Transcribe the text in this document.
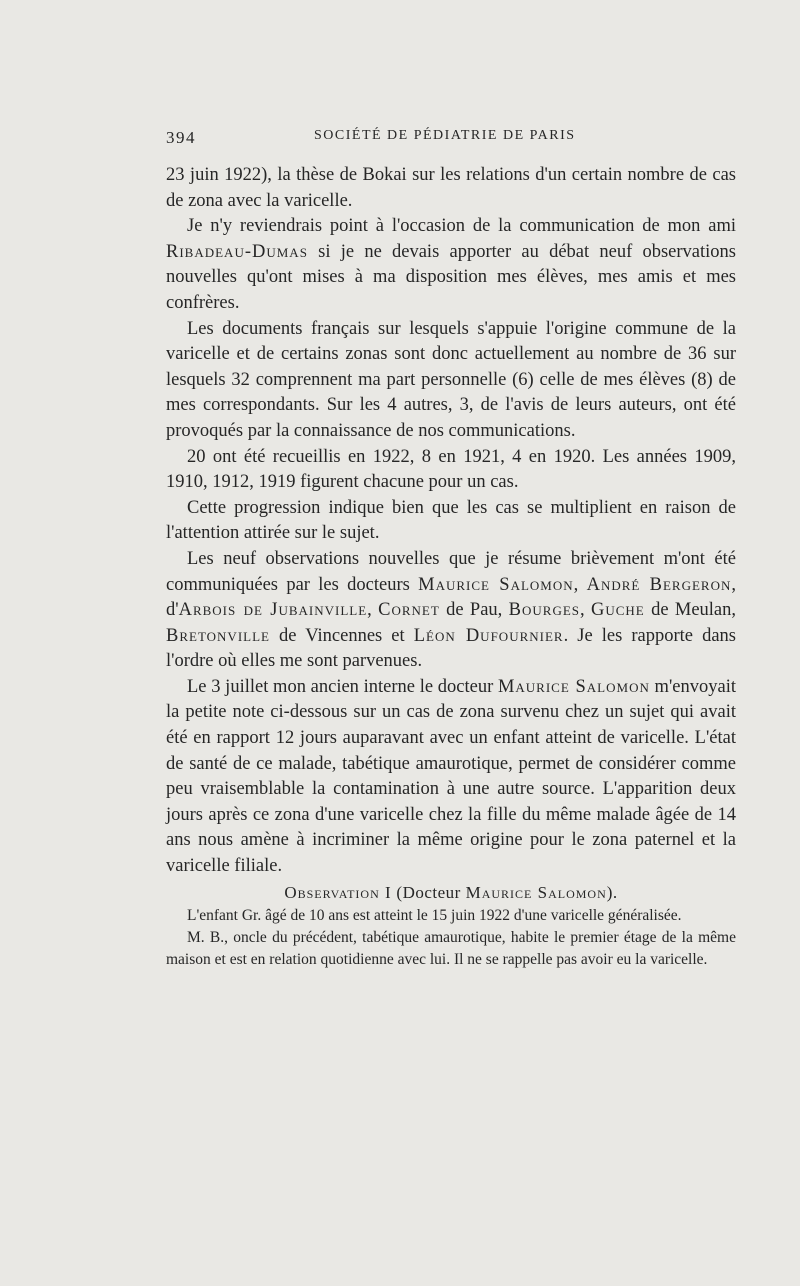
394	SOCIÉTÉ DE PÉDIATRIE DE PARIS

23 juin 1922), la thèse de Bokai sur les relations d'un certain nombre de cas de zona avec la varicelle.

Je n'y reviendrais point à l'occasion de la communication de mon ami Ribadeau-Dumas si je ne devais apporter au débat neuf observations nouvelles qu'ont mises à ma disposition mes élèves, mes amis et mes confrères.

Les documents français sur lesquels s'appuie l'origine commune de la varicelle et de certains zonas sont donc actuellement au nombre de 36 sur lesquels 32 comprennent ma part personnelle (6) celle de mes élèves (8) de mes correspondants. Sur les 4 autres, 3, de l'avis de leurs auteurs, ont été provoqués par la connaissance de nos communications.

20 ont été recueillis en 1922, 8 en 1921, 4 en 1920. Les années 1909, 1910, 1912, 1919 figurent chacune pour un cas.

Cette progression indique bien que les cas se multiplient en raison de l'attention attirée sur le sujet.

Les neuf observations nouvelles que je résume brièvement m'ont été communiquées par les docteurs Maurice Salomon, André Bergeron, d'Arbois de Jubainville, Cornet de Pau, Bourges, Guche de Meulan, Bretonville de Vincennes et Léon Dufournier. Je les rapporte dans l'ordre où elles me sont parvenues.

Le 3 juillet mon ancien interne le docteur Maurice Salomon m'envoyait la petite note ci-dessous sur un cas de zona survenu chez un sujet qui avait été en rapport 12 jours auparavant avec un enfant atteint de varicelle. L'état de santé de ce malade, tabétique amaurotique, permet de considérer comme peu vraisemblable la contamination à une autre source. L'apparition deux jours après ce zona d'une varicelle chez la fille du même malade âgée de 14 ans nous amène à incriminer la même origine pour le zona paternel et la varicelle filiale.

Observation I (Docteur Maurice Salomon).

L'enfant Gr. âgé de 10 ans est atteint le 15 juin 1922 d'une varicelle généralisée.

M. B., oncle du précédent, tabétique amaurotique, habite le premier étage de la même maison et est en relation quotidienne avec lui. Il ne se rappelle pas avoir eu la varicelle.
